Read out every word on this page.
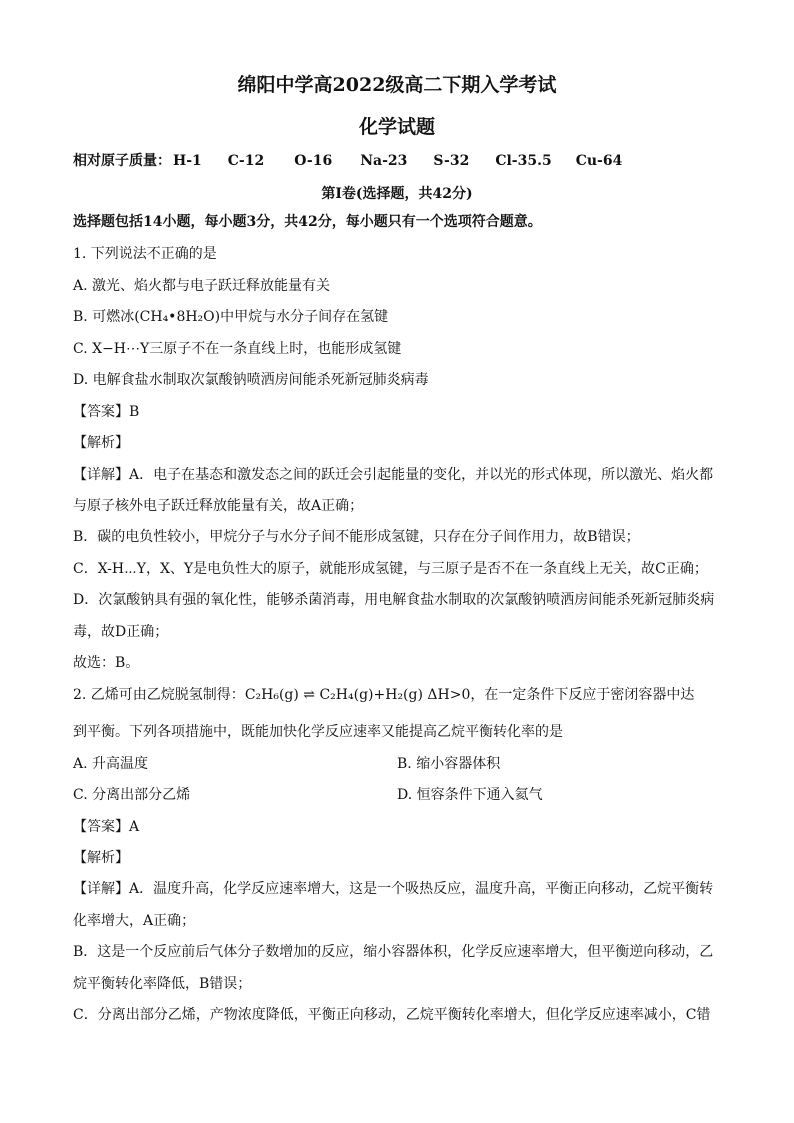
绵阳中学高2022级高二下期入学考试
化学试题
相对原子质量： H-1 C-12 O-16 Na-23 S-32 Cl-35.5 Cu-64
第I卷(选择题，共42分)
选择题包括14小题，每小题3分，共42分，每小题只有一个选项符合题意。
1. 下列说法不正确的是
A. 激光、焰火都与电子跃迁释放能量有关
B. 可燃冰(CH₄•8H₂O)中甲烷与水分子间存在氢键
C. X−H⋯Y三原子不在一条直线上时，也能形成氢键
D. 电解食盐水制取次氯酸钠喷洒房间能杀死新冠肺炎病毒
【答案】B
【解析】
【详解】A．电子在基态和激发态之间的跃迁会引起能量的变化，并以光的形式体现，所以激光、焰火都
与原子核外电子跃迁释放能量有关，故A正确；
B．碳的电负性较小，甲烷分子与水分子间不能形成氢键，只存在分子间作用力，故B错误；
C．X-H⋯Y，X、Y是电负性大的原子，就能形成氢键，与三原子是否不在一条直线上无关，故C正确；
D．次氯酸钠具有强的氧化性，能够杀菌消毒，用电解食盐水制取的次氯酸钠喷洒房间能杀死新冠肺炎病
毒，故D正确；
故选：B。
2. 乙烯可由乙烷脱氢制得：C₂H₆(g) ⇌ C₂H₄(g)+H₂(g) ΔH>0，在一定条件下反应于密闭容器中达
到平衡。下列各项措施中，既能加快化学反应速率又能提高乙烷平衡转化率的是
A. 升高温度	B. 缩小容器体积
C. 分离出部分乙烯	D. 恒容条件下通入氦气
【答案】A
【解析】
【详解】A．温度升高，化学反应速率增大，这是一个吸热反应，温度升高，平衡正向移动，乙烷平衡转
化率增大，A正确；
B．这是一个反应前后气体分子数增加的反应，缩小容器体积，化学反应速率增大，但平衡逆向移动，乙
烷平衡转化率降低，B错误；
C．分离出部分乙烯，产物浓度降低，平衡正向移动，乙烷平衡转化率增大，但化学反应速率减小，C错
